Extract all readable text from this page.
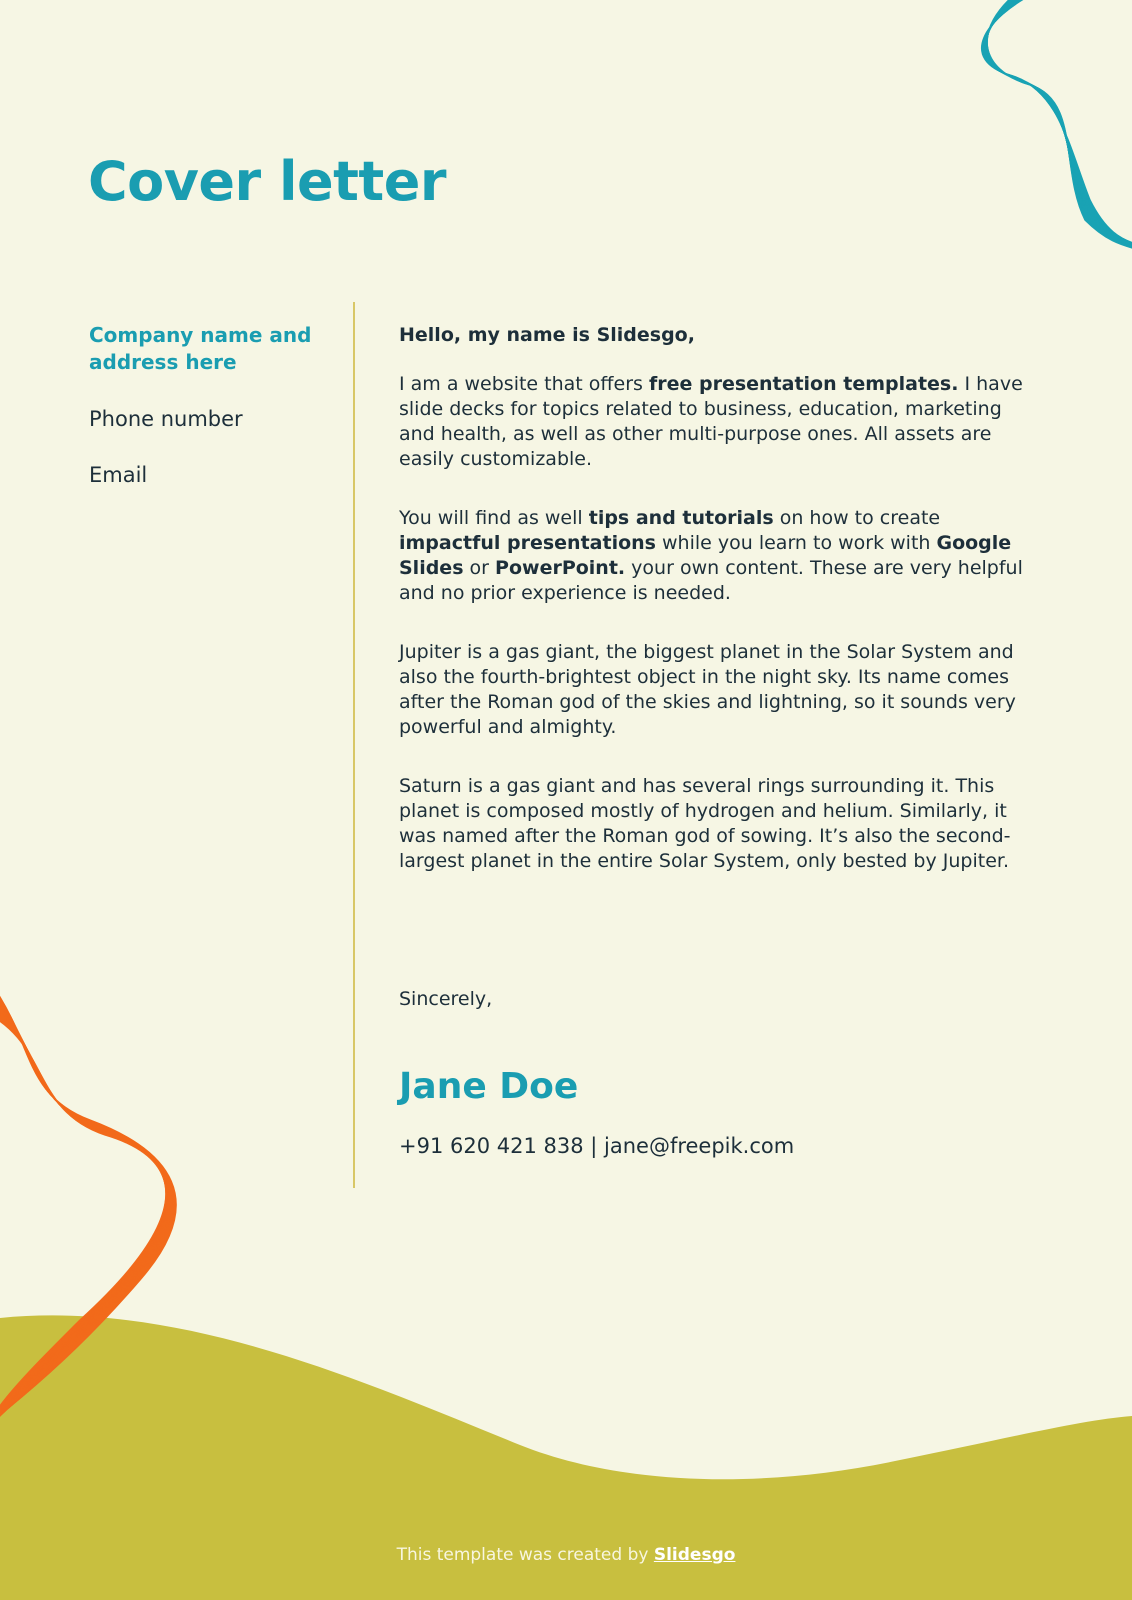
Cover letter

Company name and address here

Phone number

Email

Hello, my name is Slidesgo,

I am a website that offers free presentation templates. I have slide decks for topics related to business, education, marketing and health, as well as other multi-purpose ones. All assets are easily customizable.

You will find as well tips and tutorials on how to create impactful presentations while you learn to work with Google Slides or PowerPoint. your own content. These are very helpful and no prior experience is needed.

Jupiter is a gas giant, the biggest planet in the Solar System and also the fourth-brightest object in the night sky. Its name comes after the Roman god of the skies and lightning, so it sounds very powerful and almighty.

Saturn is a gas giant and has several rings surrounding it. This planet is composed mostly of hydrogen and helium. Similarly, it was named after the Roman god of sowing. It’s also the second-largest planet in the entire Solar System, only bested by Jupiter.

Sincerely,

Jane Doe

+91 620 421 838 | jane@freepik.com

This template was created by Slidesgo
